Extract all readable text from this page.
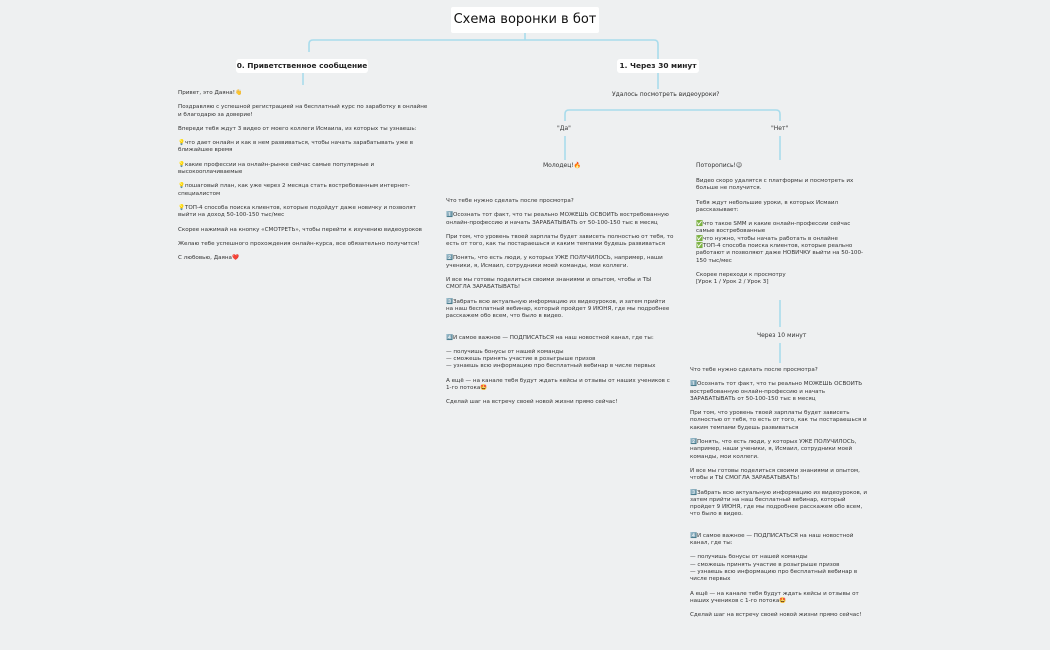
Схема воронки в бот
0. Приветственное сообщение	1. Через 30 минут
Удалось посмотреть видеоуроки?
"Да"	"Нет"

Привет, это Даяна!👋

Поздравляю с успешной регистрацией на бесплатный курс по заработку в онлайне и благодарю за доверие!

Впереди тебя ждут 3 видео от моего коллеги Исмаила, из которых ты узнаешь:

💡что дает онлайн и как в нем развиваться, чтобы начать зарабатывать уже в ближайшее время

💡какие профессии на онлайн-рынке сейчас самые популярные и высокооплачиваемые

💡пошаговый план, как уже через 2 месяца стать востребованным интернет-специалистом

💡ТОП-4 способа поиска клиентов, которые подойдут даже новичку и позволят выйти на доход 50-100-150 тыс/мес

Скорее нажимай на кнопку «СМОТРЕТЬ», чтобы перейти к изучению видеоуроков

Желаю тебе успешного прохождения онлайн-курса, все обязательно получится!

С любовью, Даяна❤️

Молодец!🔥

Что тебе нужно сделать после просмотра?

1️⃣Осознать тот факт, что ты реально МОЖЕШЬ ОСВОИТЬ востребованную онлайн-профессию и начать ЗАРАБАТЫВАТЬ от 50-100-150 тыс в месяц

При том, что уровень твоей зарплаты будет зависеть полностью от тебя, то есть от того, как ты постараешься и каким темпами будешь развиваться

2️⃣Понять, что есть люди, у которых УЖЕ ПОЛУЧИЛОСЬ, например, наши ученики, я, Исмаил, сотрудники моей команды, мои коллеги.

И все мы готовы поделиться своими знаниями и опытом, чтобы и ТЫ СМОГЛА ЗАРАБАТЫВАТЬ!

3️⃣Забрать всю актуальную информацию из видеоуроков, и затем прийти на наш бесплатный вебинар, который пройдет 9 ИЮНЯ, где мы подробнее расскажем обо всем, что было в видео.

4️⃣И самое важное — ПОДПИСАТЬСЯ на наш новостной канал, где ты:

— получишь бонусы от нашей команды
— сможешь принять участие в розыгрыше призов
— узнаешь всю информацию про бесплатный вебинар в числе первых

А ещё — на канале тебя будут ждать кейсы и отзывы от наших учеников с 1-го потока🤩

Сделай шаг на встречу своей новой жизни прямо сейчас!

Поторопись!😉

Видео скоро удалятся с платформы и посмотреть их больше не получится.

Тебя ждут небольшие уроки, в которых Исмаил рассказывает:

✅что такое SMM и какие онлайн-профессии сейчас самые востребованные
✅что нужно, чтобы начать работать в онлайне
✅ТОП-4 способа поиска клиентов, которые реально работают и позволяют даже НОВИЧКУ выйти на 50-100-150 тыс/мес

Скорее переходи к просмотру
[Урок 1 / Урок 2 / Урок 3]

Через 10 минут

Что тебе нужно сделать после просмотра?

1️⃣Осознать тот факт, что ты реально МОЖЕШЬ ОСВОИТЬ востребованную онлайн-профессию и начать ЗАРАБАТЫВАТЬ от 50-100-150 тыс в месяц

При том, что уровень твоей зарплаты будет зависеть полностью от тебя, то есть от того, как ты постараешься и каким темпами будешь развиваться

2️⃣Понять, что есть люди, у которых УЖЕ ПОЛУЧИЛОСЬ, например, наши ученики, я, Исмаил, сотрудники моей команды, мои коллеги.

И все мы готовы поделиться своими знаниями и опытом, чтобы и ТЫ СМОГЛА ЗАРАБАТЫВАТЬ!

3️⃣Забрать всю актуальную информацию из видеоуроков, и затем прийти на наш бесплатный вебинар, который пройдет 9 ИЮНЯ, где мы подробнее расскажем обо всем, что было в видео.

4️⃣И самое важное — ПОДПИСАТЬСЯ на наш новостной канал, где ты:

— получишь бонусы от нашей команды
— сможешь принять участие в розыгрыше призов
— узнаешь всю информацию про бесплатный вебинар в числе первых

А ещё — на канале тебя будут ждать кейсы и отзывы от наших учеников с 1-го потока🤩

Сделай шаг на встречу своей новой жизни прямо сейчас!
